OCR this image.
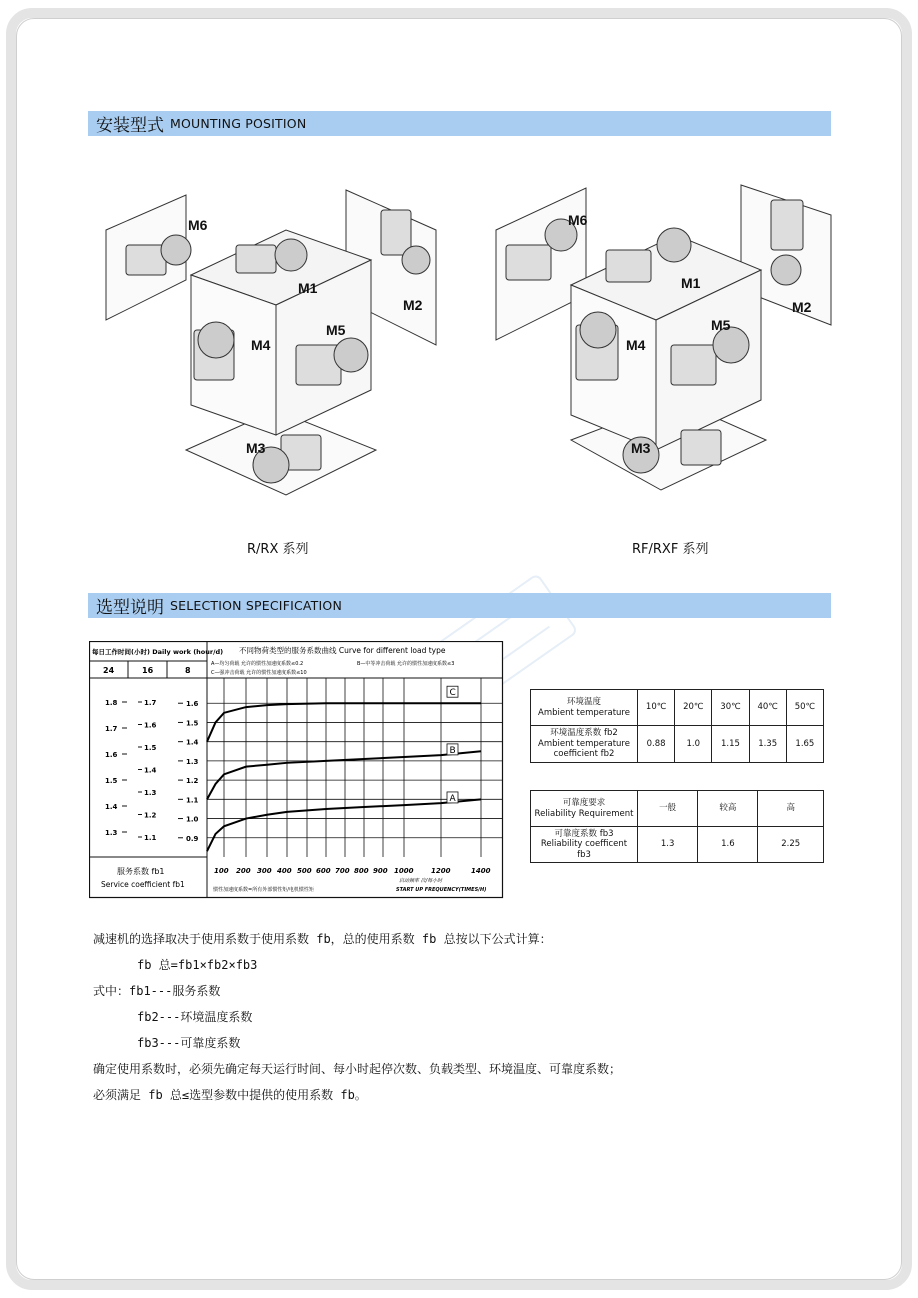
安装型式 MOUNTING POSITION
M6
M1
M2
M4
M5
M3
M6
M1
M2
M4
M5
M3
R/RX 系列	RF/RXF 系列
选型说明 SELECTION SPECIFICATION
每日工作时间(小时) Daily work (hour/d) 不同物荷类型的服务系数曲线 Curve for different load type
A—均匀荷载 允许的惯性加速度系数≤0.2	B—中等冲击荷载 允许的惯性加速度系数≤3
C—强冲击荷载 允许的惯性加速度系数≤10
24	16	8
服务系数 fb1
Service coefficient fb1	启动频率 次/每小时
START UP FREQUENCY(TIMES/H)
惯性加速度系数=所有外部惯性矩/电机惯性矩
100 200 300 400 500 600 700 800 900 1000	1200	1400
1.6
1.5
1.4
1.3
1.2
1.1
1.0
0.9
1.8
1.7
1.6
1.5
1.4
1.3
1.7
1.6
1.5
1.4
1.3
1.2
1.1
A
B
C
环境温度
Ambient temperature	10℃	20℃	30℃	40℃	50℃
环境温度系数 fb2
Ambient temperature
coefficient fb2	0.88	1.0	1.15	1.35	1.65
可靠度要求
Reliability Requirement	一般	较高	高
可靠度系数 fb3
Reliability coefficent fb3	1.3	1.6	2.25
减速机的选择取决于使用系数于使用系数 fb，总的使用系数 fb 总按以下公式计算：
fb 总=fb1×fb2×fb3
式中：fb1---服务系数
fb2---环境温度系数
fb3---可靠度系数
确定使用系数时，必须先确定每天运行时间、每小时起停次数、负载类型、环境温度、可靠度系数；
必须满足 fb 总≤选型参数中提供的使用系数 fb。
